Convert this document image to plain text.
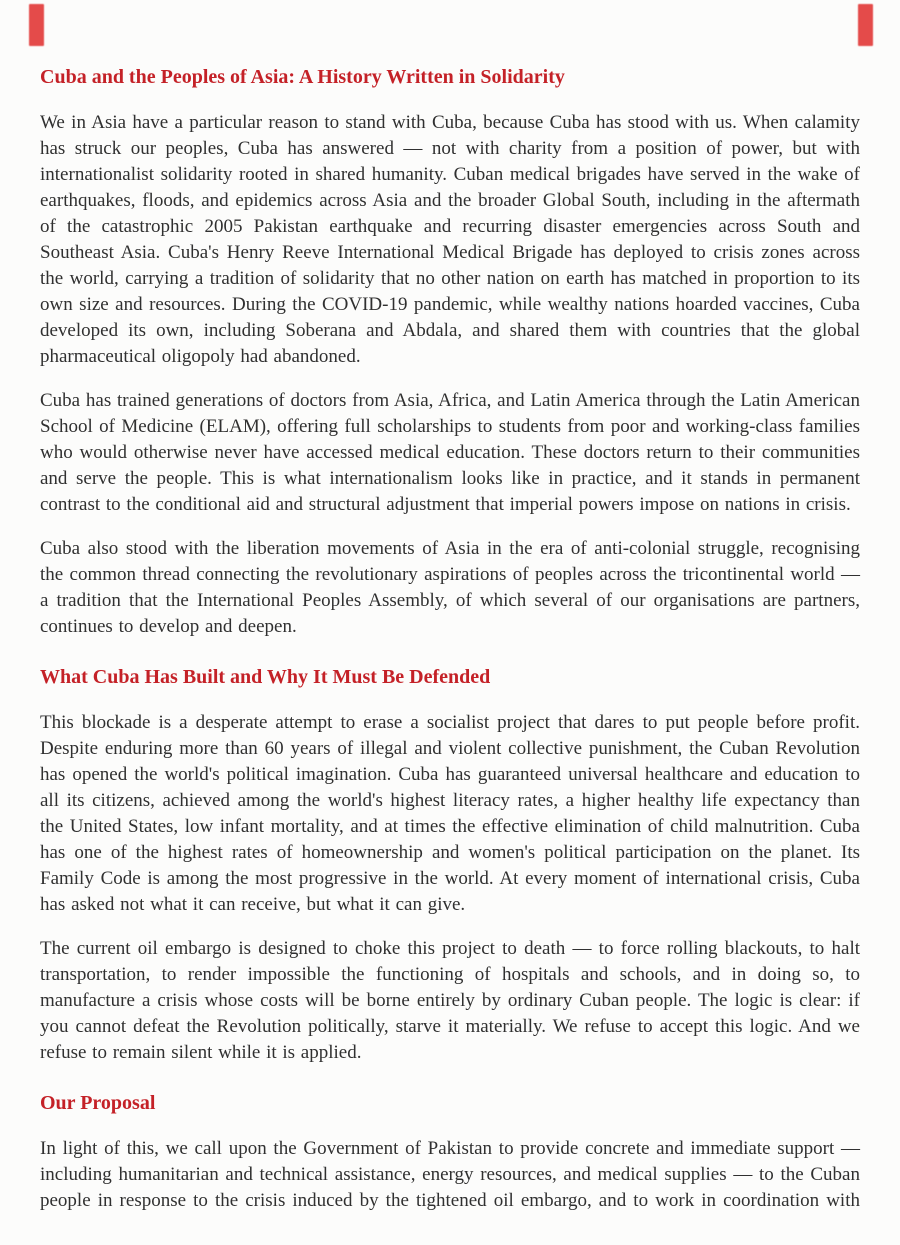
Cuba and the Peoples of Asia: A History Written in Solidarity

We in Asia have a particular reason to stand with Cuba, because Cuba has stood with us. When calamity has struck our peoples, Cuba has answered — not with charity from a position of power, but with internationalist solidarity rooted in shared humanity. Cuban medical brigades have served in the wake of earthquakes, floods, and epidemics across Asia and the broader Global South, including in the aftermath of the catastrophic 2005 Pakistan earthquake and recurring disaster emergencies across South and Southeast Asia. Cuba's Henry Reeve International Medical Brigade has deployed to crisis zones across the world, carrying a tradition of solidarity that no other nation on earth has matched in proportion to its own size and resources. During the COVID-19 pandemic, while wealthy nations hoarded vaccines, Cuba developed its own, including Soberana and Abdala, and shared them with countries that the global pharmaceutical oligopoly had abandoned.

Cuba has trained generations of doctors from Asia, Africa, and Latin America through the Latin American School of Medicine (ELAM), offering full scholarships to students from poor and working-class families who would otherwise never have accessed medical education. These doctors return to their communities and serve the people. This is what internationalism looks like in practice, and it stands in permanent contrast to the conditional aid and structural adjustment that imperial powers impose on nations in crisis.

Cuba also stood with the liberation movements of Asia in the era of anti-colonial struggle, recognising the common thread connecting the revolutionary aspirations of peoples across the tricontinental world — a tradition that the International Peoples Assembly, of which several of our organisations are partners, continues to develop and deepen.

What Cuba Has Built and Why It Must Be Defended

This blockade is a desperate attempt to erase a socialist project that dares to put people before profit. Despite enduring more than 60 years of illegal and violent collective punishment, the Cuban Revolution has opened the world's political imagination. Cuba has guaranteed universal healthcare and education to all its citizens, achieved among the world's highest literacy rates, a higher healthy life expectancy than the United States, low infant mortality, and at times the effective elimination of child malnutrition. Cuba has one of the highest rates of homeownership and women's political participation on the planet. Its Family Code is among the most progressive in the world. At every moment of international crisis, Cuba has asked not what it can receive, but what it can give.

The current oil embargo is designed to choke this project to death — to force rolling blackouts, to halt transportation, to render impossible the functioning of hospitals and schools, and in doing so, to manufacture a crisis whose costs will be borne entirely by ordinary Cuban people. The logic is clear: if you cannot defeat the Revolution politically, starve it materially. We refuse to accept this logic. And we refuse to remain silent while it is applied.

Our Proposal

In light of this, we call upon the Government of Pakistan to provide concrete and immediate support — including humanitarian and technical assistance, energy resources, and medical supplies — to the Cuban people in response to the crisis induced by the tightened oil embargo, and to work in coordination with
